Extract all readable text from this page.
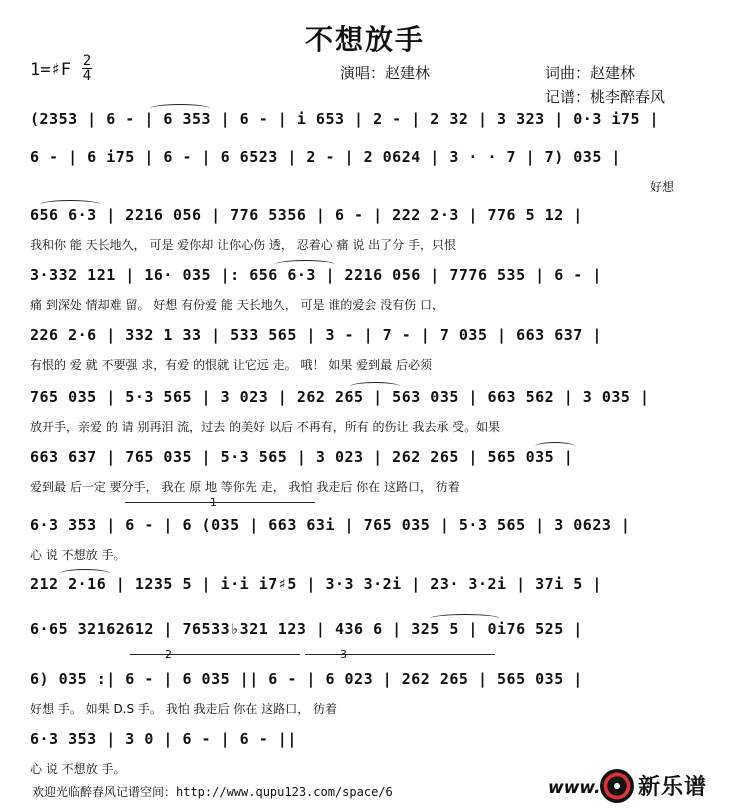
不想放手
1=♯F 2
4	演唱：赵建林	词曲：赵建林
记谱：桃李醉春风
(2353 | 6 - | 6 353 | 6 - | i 653 | 2 - | 2 32 | 3 323 | 0·3 i75 |
6 - | 6 i75 | 6 - | 6 6523 | 2 - | 2 0624 | 3 · · 7 | 7) 035 |
好想
656 6·3 | 2216 056 | 776 5356 | 6 - | 222 2·3 | 776 5 12 |
我和你 能 天长地久， 可是 爱你却 让你心伤 透， 忍着心 痛 说 出了分 手，只恨
3·332 121 | 16· 035 |: 656 6·3 | 2216 056 | 7776 535 | 6 - |
痛 到深处 情却难 留。 好想 有份爱 能 天长地久， 可是 谁的爱会 没有伤 口，
226 2·6 | 332 1 33 | 533 565 | 3 - | 7 - | 7 035 | 663 637 |
有恨的 爱 就 不要强 求，有爱 的恨就 让它远 走。 哦！ 如果 爱到最 后必须
765 035 | 5·3 565 | 3 023 | 262 265 | 563 035 | 663 562 | 3 035 |
放开手，亲爱 的 请 别再泪 流，过去 的美好 以后 不再有，所有 的伤让 我去承 受。如果
663 637 | 765 035 | 5·3 565 | 3 023 | 262 265 | 565 035 |
爱到最 后一定 要分手， 我在 原 地 等你先 走， 我怕 我走后 你在 这路口， 彷着
1
6·3 353 | 6 - | 6 (035 | 663 63i | 765 035 | 5·3 565 | 3 0623 |
心 说 不想放 手。
212 2·16 | 1235 5 | i·i i7♯5 | 3·3 3·2i | 23· 3·2i | 37i 5 |
6·65 32162612 | 76533♭321 123 | 436 6 | 325 5 | 0i76 525 |
2	3
6) 035 :| 6 - | 6 035 || 6 - | 6 023 | 262 265 | 565 035 |
好想 手。 如果 D.S 手。 我怕 我走后 你在 这路口， 彷着
6·3 353 | 3 0 | 6 - | 6 - ||
心 说 不想放 手。
欢迎光临醉春风记谱空间：http://www.qupu123.com/space/6	www. 新乐谱
